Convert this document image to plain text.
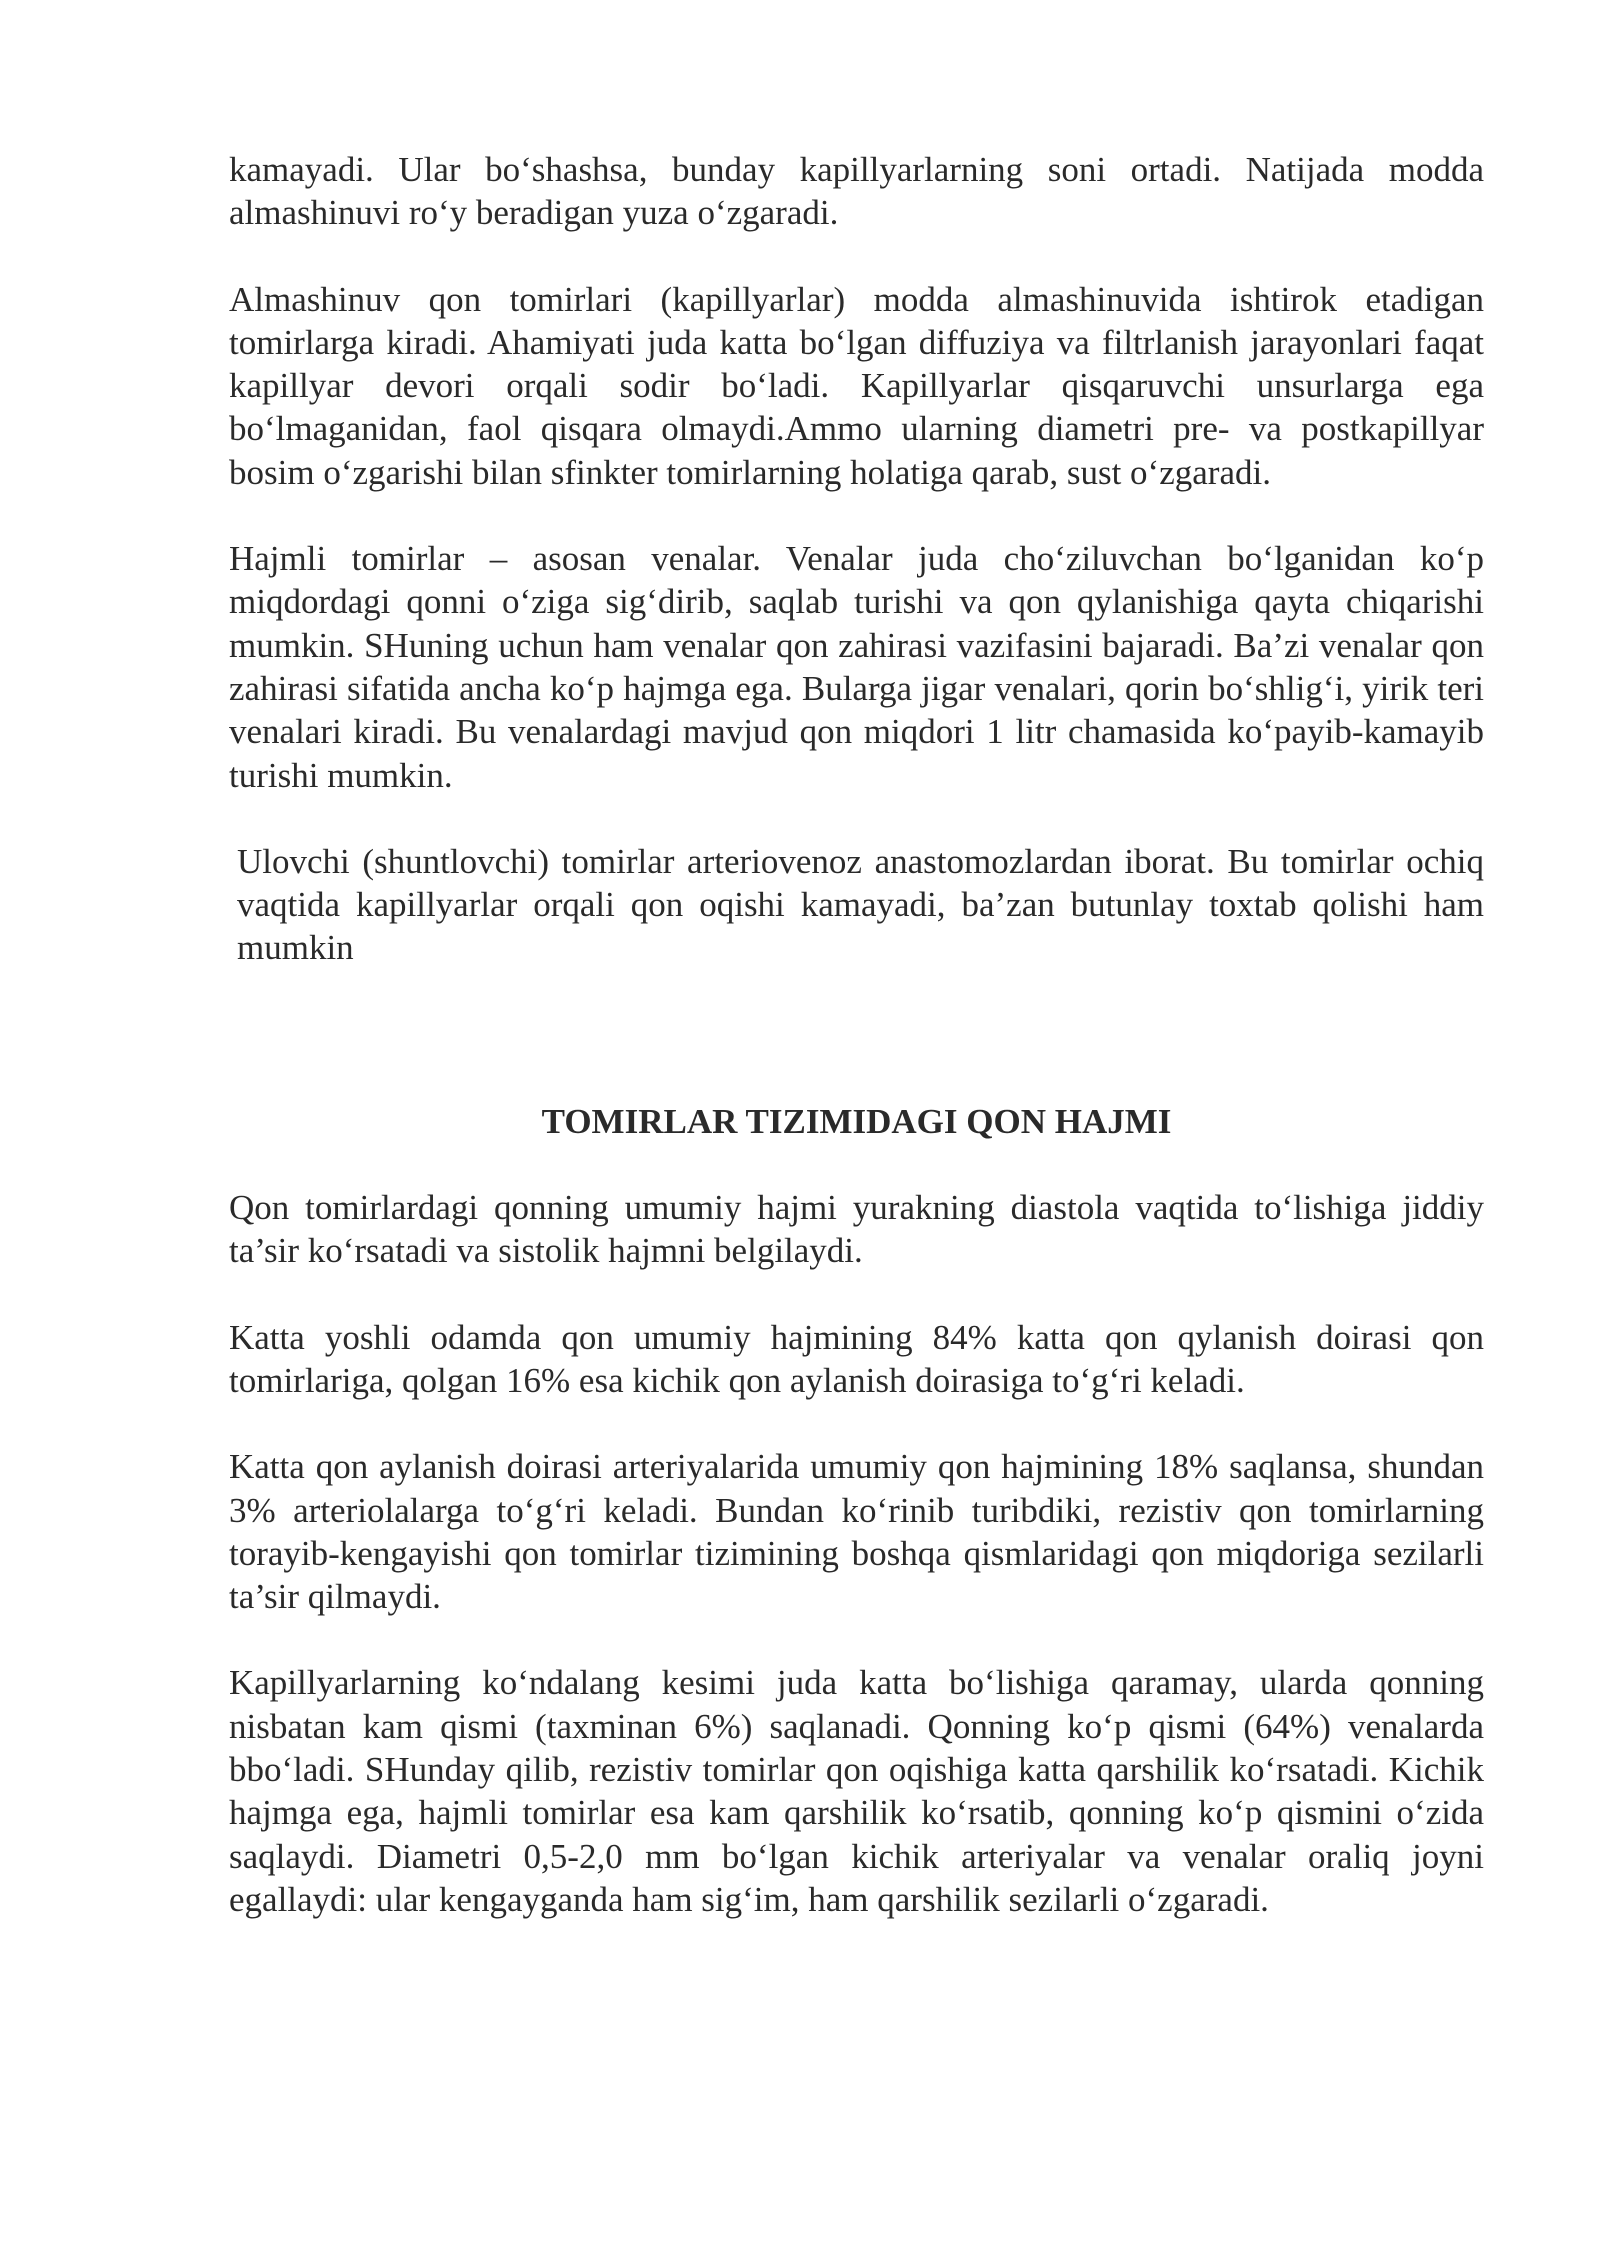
kamayadi. Ular bo‘shashsa, bunday kapillyarlarning soni ortadi. Natijada modda almashinuvi ro‘y beradigan yuza o‘zgaradi.

Almashinuv qon tomirlari (kapillyarlar) modda almashinuvida ishtirok etadigan tomirlarga kiradi. Ahamiyati juda katta bo‘lgan diffuziya va filtrlanish jarayonlari faqat kapillyar devori orqali sodir bo‘ladi. Kapillyarlar qisqaruvchi unsurlarga ega bo‘lmaganidan, faol qisqara olmaydi.Ammo ularning diametri pre- va postkapillyar bosim o‘zgarishi bilan sfinkter tomirlarning holatiga qarab, sust o‘zgaradi.

Hajmli tomirlar – asosan venalar. Venalar juda cho‘ziluvchan bo‘lganidan ko‘p miqdordagi qonni o‘ziga sig‘dirib, saqlab turishi va qon qylanishiga qayta chiqarishi mumkin. SHuning uchun ham venalar qon zahirasi vazifasini bajaradi. Ba’zi venalar qon zahirasi sifatida ancha ko‘p hajmga ega. Bularga jigar venalari, qorin bo‘shlig‘i, yirik teri venalari kiradi. Bu venalardagi mavjud qon miqdori 1 litr chamasida ko‘payib-kamayib turishi mumkin.

Ulovchi (shuntlovchi) tomirlar arteriovenoz anastomozlardan iborat. Bu tomirlar ochiq vaqtida kapillyarlar orqali qon oqishi kamayadi, ba’zan butunlay toxtab qolishi ham mumkin

TOMIRLAR TIZIMIDAGI QON HAJMI

Qon tomirlardagi qonning umumiy hajmi yurakning diastola vaqtida to‘lishiga jiddiy ta’sir ko‘rsatadi va sistolik hajmni belgilaydi.

Katta yoshli odamda qon umumiy hajmining 84% katta qon qylanish doirasi qon tomirlariga, qolgan 16% esa kichik qon aylanish doirasiga to‘g‘ri keladi.

Katta qon aylanish doirasi arteriyalarida umumiy qon hajmining 18% saqlansa, shundan 3% arteriolalarga to‘g‘ri keladi. Bundan ko‘rinib turibdiki, rezistiv qon tomirlarning torayib-kengayishi qon tomirlar tizimining boshqa qismlaridagi qon miqdoriga sezilarli ta’sir qilmaydi.

Kapillyarlarning ko‘ndalang kesimi juda katta bo‘lishiga qaramay, ularda qonning nisbatan kam qismi (taxminan 6%) saqlanadi. Qonning ko‘p qismi (64%) venalarda bbo‘ladi. SHunday qilib, rezistiv tomirlar qon oqishiga katta qarshilik ko‘rsatadi. Kichik hajmga ega, hajmli tomirlar esa kam qarshilik ko‘rsatib, qonning ko‘p qismini o‘zida saqlaydi. Diametri 0,5-2,0 mm bo‘lgan kichik arteriyalar va venalar oraliq joyni egallaydi: ular kengayganda ham sig‘im, ham qarshilik sezilarli o‘zgaradi.
